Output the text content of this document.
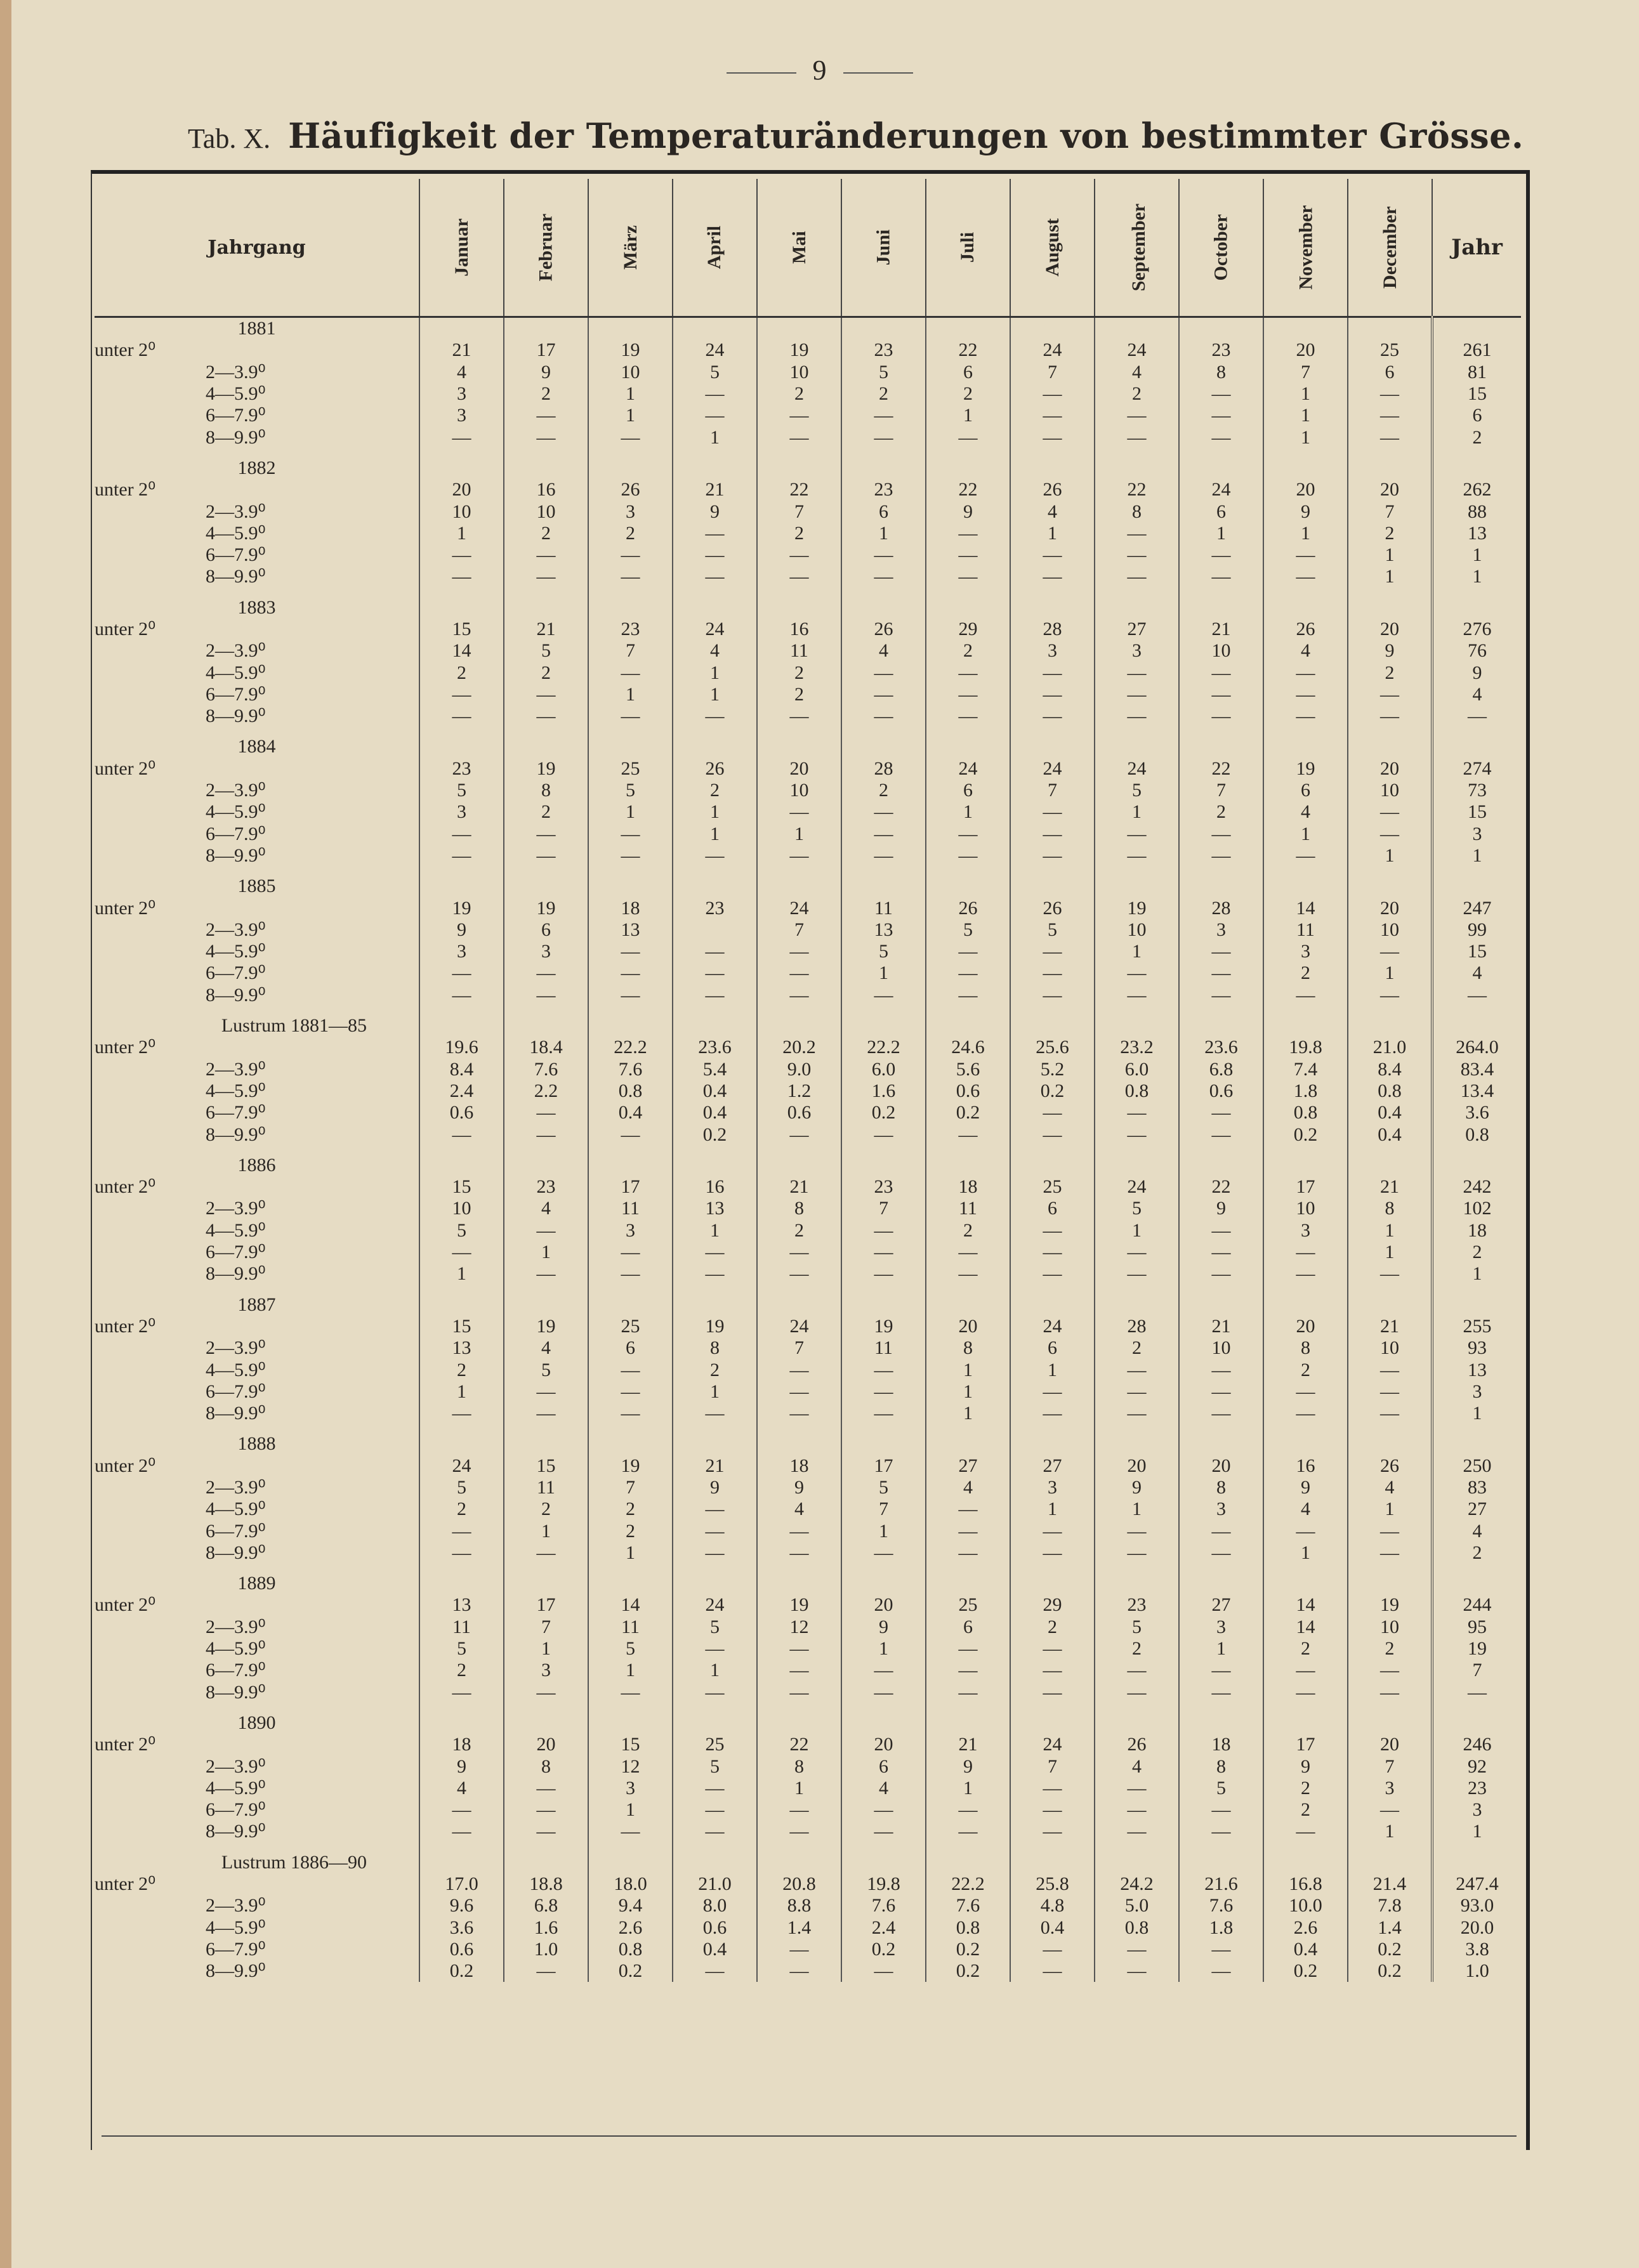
9
Tab. X. Häufigkeit der Temperaturänderungen von bestimmter Grösse.
Jahrgang	Januar	Februar	März	April	Mai	Juni	Juli	August	September	October	November	December	Jahr
1881													
unter 2⁰	21	17	19	24	19	23	22	24	24	23	20	25	261
2—3.9⁰	4	9	10	5	10	5	6	7	4	8	7	6	81
4—5.9⁰	3	2	1	—	2	2	2	—	2	—	1	—	15
6—7.9⁰	3	—	1	—	—	—	1	—	—	—	1	—	6
8—9.9⁰	—	—	—	1	—	—	—	—	—	—	1	—	2

1882													
unter 2⁰	20	16	26	21	22	23	22	26	22	24	20	20	262
2—3.9⁰	10	10	3	9	7	6	9	4	8	6	9	7	88
4—5.9⁰	1	2	2	—	2	1	—	1	—	1	1	2	13
6—7.9⁰	—	—	—	—	—	—	—	—	—	—	—	1	1
8—9.9⁰	—	—	—	—	—	—	—	—	—	—	—	1	1

1883													
unter 2⁰	15	21	23	24	16	26	29	28	27	21	26	20	276
2—3.9⁰	14	5	7	4	11	4	2	3	3	10	4	9	76
4—5.9⁰	2	2	—	1	2	—	—	—	—	—	—	2	9
6—7.9⁰	—	—	1	1	2	—	—	—	—	—	—	—	4
8—9.9⁰	—	—	—	—	—	—	—	—	—	—	—	—	—

1884													
unter 2⁰	23	19	25	26	20	28	24	24	24	22	19	20	274
2—3.9⁰	5	8	5	2	10	2	6	7	5	7	6	10	73
4—5.9⁰	3	2	1	1	—	—	1	—	1	2	4	—	15
6—7.9⁰	—	—	—	1	1	—	—	—	—	—	1	—	3
8—9.9⁰	—	—	—	—	—	—	—	—	—	—	—	1	1

1885													
unter 2⁰	19	19	18	23	24	11	26	26	19	28	14	20	247
2—3.9⁰	9	6	13		7	13	5	5	10	3	11	10	99
4—5.9⁰	3	3	—	—	—	5	—	—	1	—	3	—	15
6—7.9⁰	—	—	—	—	—	1	—	—	—	—	2	1	4
8—9.9⁰	—	—	—	—	—	—	—	—	—	—	—	—	—

Lustrum 1881—85													
unter 2⁰	19.6	18.4	22.2	23.6	20.2	22.2	24.6	25.6	23.2	23.6	19.8	21.0	264.0
2—3.9⁰	8.4	7.6	7.6	5.4	9.0	6.0	5.6	5.2	6.0	6.8	7.4	8.4	83.4
4—5.9⁰	2.4	2.2	0.8	0.4	1.2	1.6	0.6	0.2	0.8	0.6	1.8	0.8	13.4
6—7.9⁰	0.6	—	0.4	0.4	0.6	0.2	0.2	—	—	—	0.8	0.4	3.6
8—9.9⁰	—	—	—	0.2	—	—	—	—	—	—	0.2	0.4	0.8

1886													
unter 2⁰	15	23	17	16	21	23	18	25	24	22	17	21	242
2—3.9⁰	10	4	11	13	8	7	11	6	5	9	10	8	102
4—5.9⁰	5	—	3	1	2	—	2	—	1	—	3	1	18
6—7.9⁰	—	1	—	—	—	—	—	—	—	—	—	1	2
8—9.9⁰	1	—	—	—	—	—	—	—	—	—	—	—	1

1887													
unter 2⁰	15	19	25	19	24	19	20	24	28	21	20	21	255
2—3.9⁰	13	4	6	8	7	11	8	6	2	10	8	10	93
4—5.9⁰	2	5	—	2	—	—	1	1	—	—	2	—	13
6—7.9⁰	1	—	—	1	—	—	1	—	—	—	—	—	3
8—9.9⁰	—	—	—	—	—	—	1	—	—	—	—	—	1

1888													
unter 2⁰	24	15	19	21	18	17	27	27	20	20	16	26	250
2—3.9⁰	5	11	7	9	9	5	4	3	9	8	9	4	83
4—5.9⁰	2	2	2	—	4	7	—	1	1	3	4	1	27
6—7.9⁰	—	1	2	—	—	1	—	—	—	—	—	—	4
8—9.9⁰	—	—	1	—	—	—	—	—	—	—	1	—	2

1889													
unter 2⁰	13	17	14	24	19	20	25	29	23	27	14	19	244
2—3.9⁰	11	7	11	5	12	9	6	2	5	3	14	10	95
4—5.9⁰	5	1	5	—	—	1	—	—	2	1	2	2	19
6—7.9⁰	2	3	1	1	—	—	—	—	—	—	—	—	7
8—9.9⁰	—	—	—	—	—	—	—	—	—	—	—	—	—

1890													
unter 2⁰	18	20	15	25	22	20	21	24	26	18	17	20	246
2—3.9⁰	9	8	12	5	8	6	9	7	4	8	9	7	92
4—5.9⁰	4	—	3	—	1	4	1	—	—	5	2	3	23
6—7.9⁰	—	—	1	—	—	—	—	—	—	—	2	—	3
8—9.9⁰	—	—	—	—	—	—	—	—	—	—	—	1	1

Lustrum 1886—90													
unter 2⁰	17.0	18.8	18.0	21.0	20.8	19.8	22.2	25.8	24.2	21.6	16.8	21.4	247.4
2—3.9⁰	9.6	6.8	9.4	8.0	8.8	7.6	7.6	4.8	5.0	7.6	10.0	7.8	93.0
4—5.9⁰	3.6	1.6	2.6	0.6	1.4	2.4	0.8	0.4	0.8	1.8	2.6	1.4	20.0
6—7.9⁰	0.6	1.0	0.8	0.4	—	0.2	0.2	—	—	—	0.4	0.2	3.8
8—9.9⁰	0.2	—	0.2	—	—	—	0.2	—	—	—	0.2	0.2	1.0
